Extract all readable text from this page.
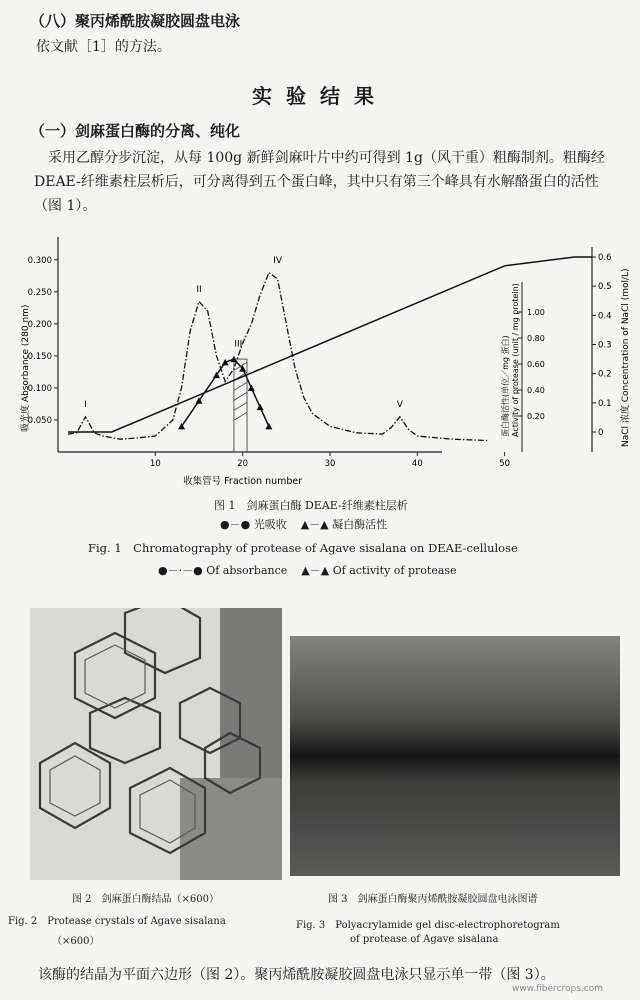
（八）聚丙烯酰胺凝胶圆盘电泳
依文献［1］的方法。
实验结果
（一）剑麻蛋白酶的分离、纯化
采用乙醇分步沉淀，从每 100g 新鲜剑麻叶片中约可得到 1g（风干重）粗酶制剂。粗酶经 DEAE-纤维素柱层析后，可分离得到五个蛋白峰，其中只有第三个峰具有水解酪蛋白的活性（图 1）。
0.050
0.100
0.150
0.200
0.250
0.300	0.6
0.5
0.4
0.3
0.2
0.1
0
1.00
0.80
0.60
0.40
0.20
10	20	30	40	50
吸光度 Absorbance (280 nm)	蛋白酶活性(单位／mg 蛋白) Activity of protease (unit / mg protein)	NaCl 浓度 Concentration of NaCl (mol/L)
收集管号 Fraction number
I
II
III
IV
V
图 1　剑麻蛋白酶 DEAE-纤维素柱层析
●－● 光吸收 ▲－▲ 凝白酶活性
Fig. 1　Chromatography of protease of Agave sisalana on DEAE-cellulose
●－·－● Of absorbance ▲－▲ Of activity of protease
图 2　剑麻蛋白酶结晶（×600）
Fig. 2　Protease crystals of Agave sisalana
（×600）
图 3　剑麻蛋白酶聚丙烯酰胺凝胶圆盘电泳图谱
Fig. 3　Polyacrylamide gel disc-electrophoretogram
of protease of Agave sisalana
该酶的结晶为平面六边形（图 2）。聚丙烯酰胺凝胶圆盘电泳只显示单一带（图 3）。
www.fibercrops.com
